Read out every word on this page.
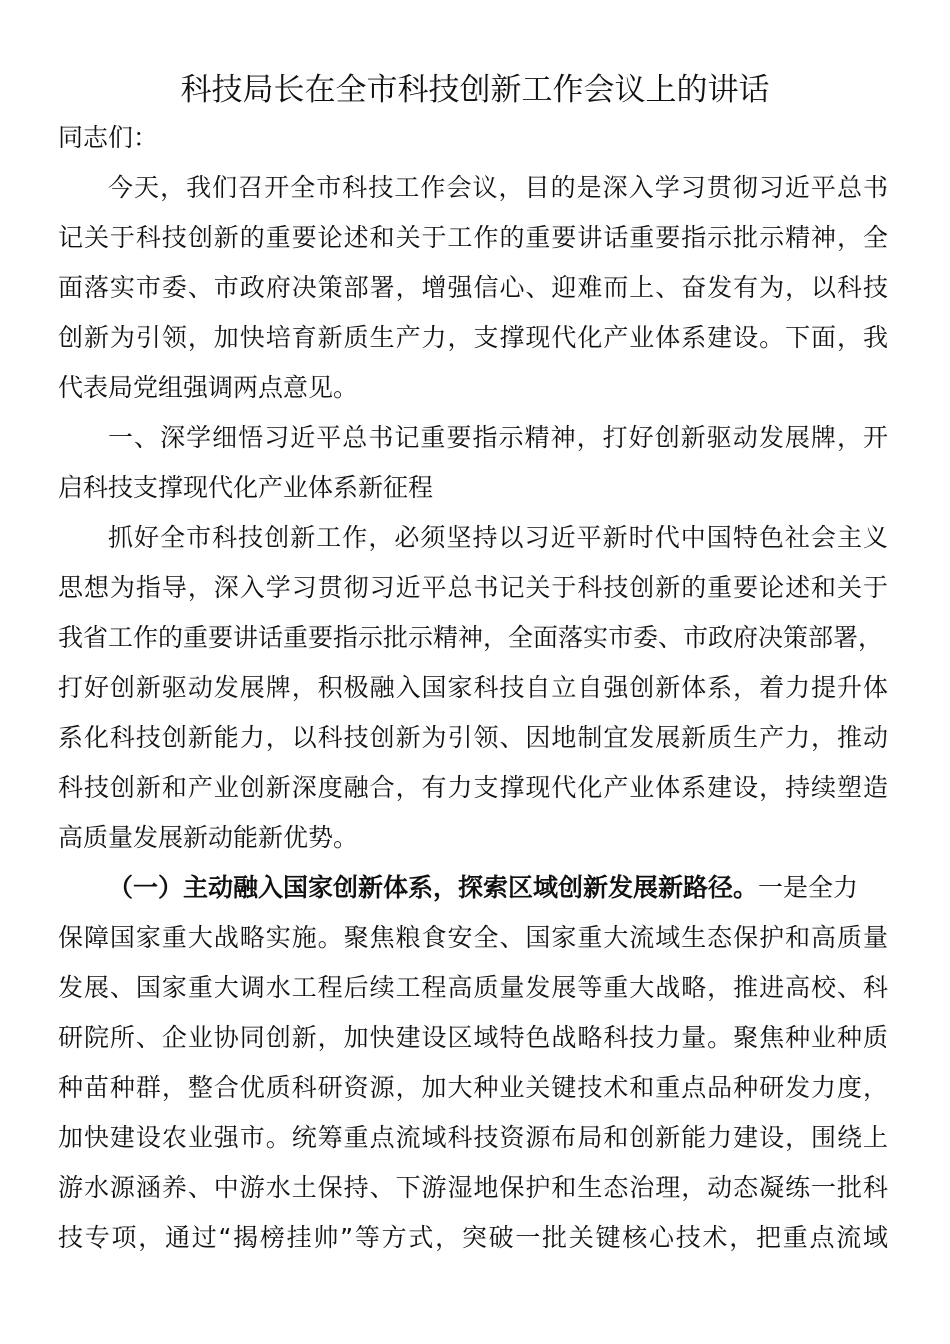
科技局长在全市科技创新工作会议上的讲话

同志们：

今天，我们召开全市科技工作会议，目的是深入学习贯彻习近平总书

记关于科技创新的重要论述和关于工作的重要讲话重要指示批示精神，全

面落实市委、市政府决策部署，增强信心、迎难而上、奋发有为，以科技

创新为引领，加快培育新质生产力，支撑现代化产业体系建设。下面，我

代表局党组强调两点意见。

一、深学细悟习近平总书记重要指示精神，打好创新驱动发展牌，开

启科技支撑现代化产业体系新征程

抓好全市科技创新工作，必须坚持以习近平新时代中国特色社会主义

思想为指导，深入学习贯彻习近平总书记关于科技创新的重要论述和关于

我省工作的重要讲话重要指示批示精神，全面落实市委、市政府决策部署，

打好创新驱动发展牌，积极融入国家科技自立自强创新体系，着力提升体

系化科技创新能力，以科技创新为引领、因地制宜发展新质生产力，推动

科技创新和产业创新深度融合，有力支撑现代化产业体系建设，持续塑造

高质量发展新动能新优势。

（一）主动融入国家创新体系，探索区域创新发展新路径。一是全力

保障国家重大战略实施。聚焦粮食安全、国家重大流域生态保护和高质量

发展、国家重大调水工程后续工程高质量发展等重大战略，推进高校、科

研院所、企业协同创新，加快建设区域特色战略科技力量。聚焦种业种质

种苗种群，整合优质科研资源，加大种业关键技术和重点品种研发力度，

加快建设农业强市。统筹重点流域科技资源布局和创新能力建设，围绕上

游水源涵养、中游水土保持、下游湿地保护和生态治理，动态凝练一批科

技专项，通过“揭榜挂帅”等方式，突破一批关键核心技术，把重点流域
